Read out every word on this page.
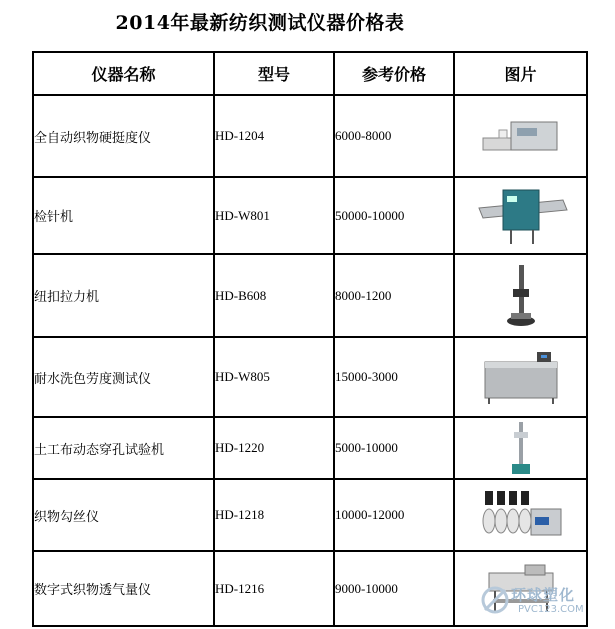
2014年最新纺织测试仪器价格表
仪器名称	型号	参考价格	图片
全自动织物硬挺度仪	HD-1204	6000-8000	

检针机	HD-W801	50000-10000	

纽扣拉力机	HD-B608	8000-1200	

耐水洗色劳度测试仪	HD-W805	15000-3000	

土工布动态穿孔试验机	HD-1220	5000-10000	

织物勾丝仪	HD-1218	10000-12000	

数字式织物透气量仪	HD-1216	9000-10000		环球塑化
PVC123.COM
